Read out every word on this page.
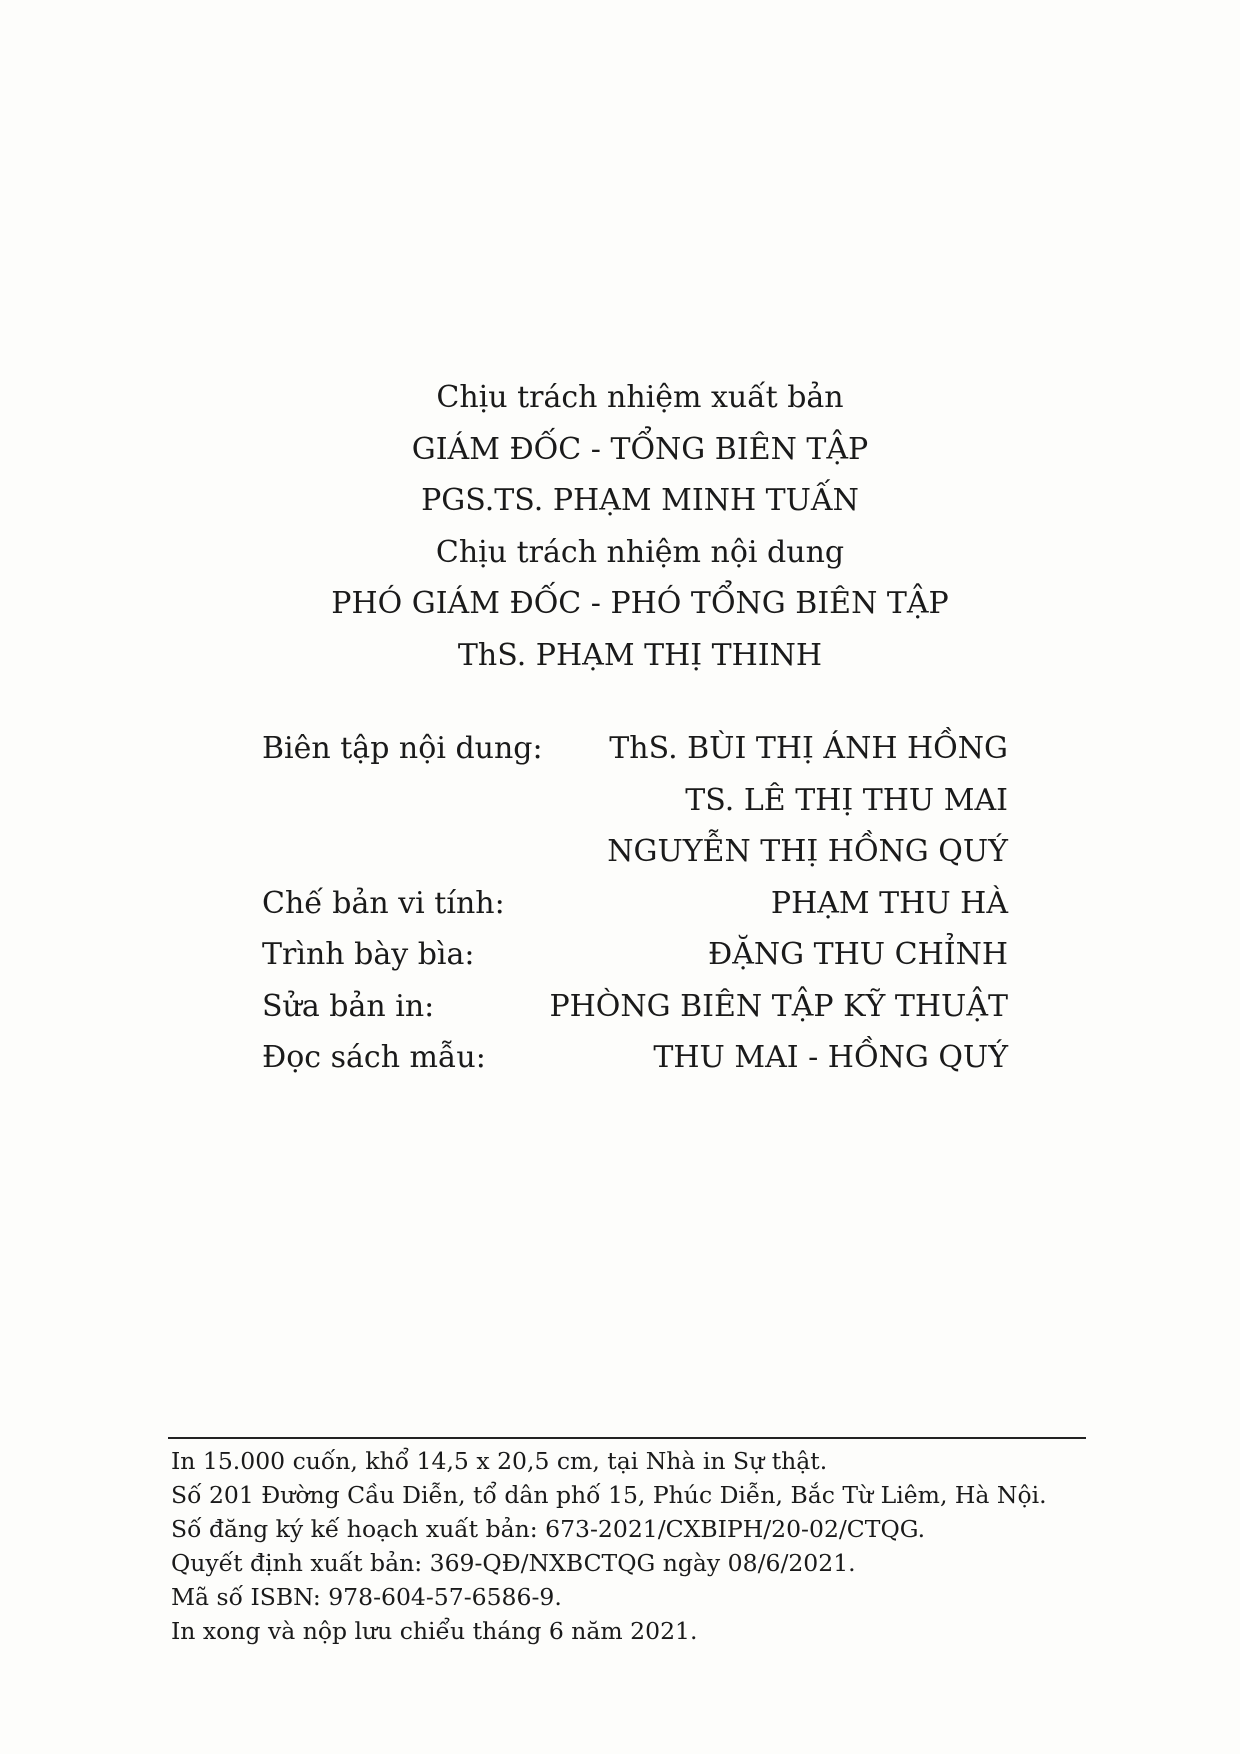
Chịu trách nhiệm xuất bản
GIÁM ĐỐC - TỔNG BIÊN TẬP
PGS.TS. PHẠM MINH TUẤN
Chịu trách nhiệm nội dung
PHÓ GIÁM ĐỐC - PHÓ TỔNG BIÊN TẬP
ThS. PHẠM THỊ THINH
Biên tập nội dung: ThS. BÙI THỊ ÁNH HỒNG
TS. LÊ THỊ THU MAI
NGUYỄN THỊ HỒNG QUÝ
Chế bản vi tính:	PHẠM THU HÀ
Trình bày bìa:	ĐẶNG THU CHỈNH
Sửa bản in:	PHÒNG BIÊN TẬP KỸ THUẬT
Đọc sách mẫu:	THU MAI - HỒNG QUÝ
In 15.000 cuốn, khổ 14,5 x 20,5 cm, tại Nhà in Sự thật.
Số 201 Đường Cầu Diễn, tổ dân phố 15, Phúc Diễn, Bắc Từ Liêm, Hà Nội.
Số đăng ký kế hoạch xuất bản: 673-2021/CXBIPH/20-02/CTQG.
Quyết định xuất bản: 369-QĐ/NXBCTQG ngày 08/6/2021.
Mã số ISBN: 978-604-57-6586-9.
In xong và nộp lưu chiểu tháng 6 năm 2021.
